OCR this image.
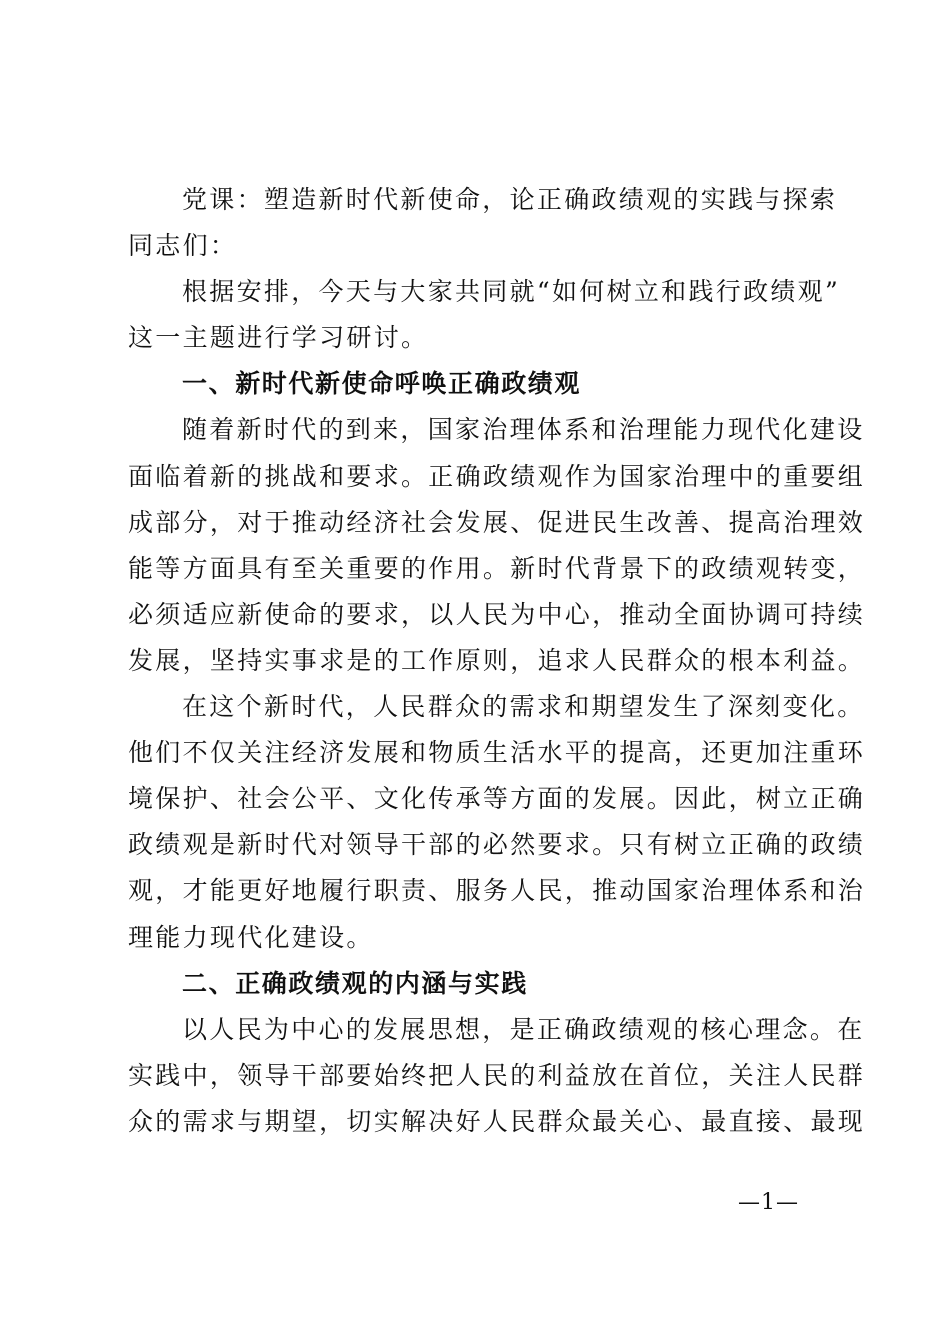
党课：塑造新时代新使命，论正确政绩观的实践与探索
同志们：
根据安排，今天与大家共同就“如何树立和践行政绩观”
这一主题进行学习研讨。
一、新时代新使命呼唤正确政绩观
随着新时代的到来，国家治理体系和治理能力现代化建设
面临着新的挑战和要求。正确政绩观作为国家治理中的重要组
成部分，对于推动经济社会发展、促进民生改善、提高治理效
能等方面具有至关重要的作用。新时代背景下的政绩观转变，
必须适应新使命的要求，以人民为中心，推动全面协调可持续
发展，坚持实事求是的工作原则，追求人民群众的根本利益。
在这个新时代，人民群众的需求和期望发生了深刻变化。
他们不仅关注经济发展和物质生活水平的提高，还更加注重环
境保护、社会公平、文化传承等方面的发展。因此，树立正确
政绩观是新时代对领导干部的必然要求。只有树立正确的政绩
观，才能更好地履行职责、服务人民，推动国家治理体系和治
理能力现代化建设。
二、正确政绩观的内涵与实践
以人民为中心的发展思想，是正确政绩观的核心理念。在
实践中，领导干部要始终把人民的利益放在首位，关注人民群
众的需求与期望，切实解决好人民群众最关心、最直接、最现
—1—
